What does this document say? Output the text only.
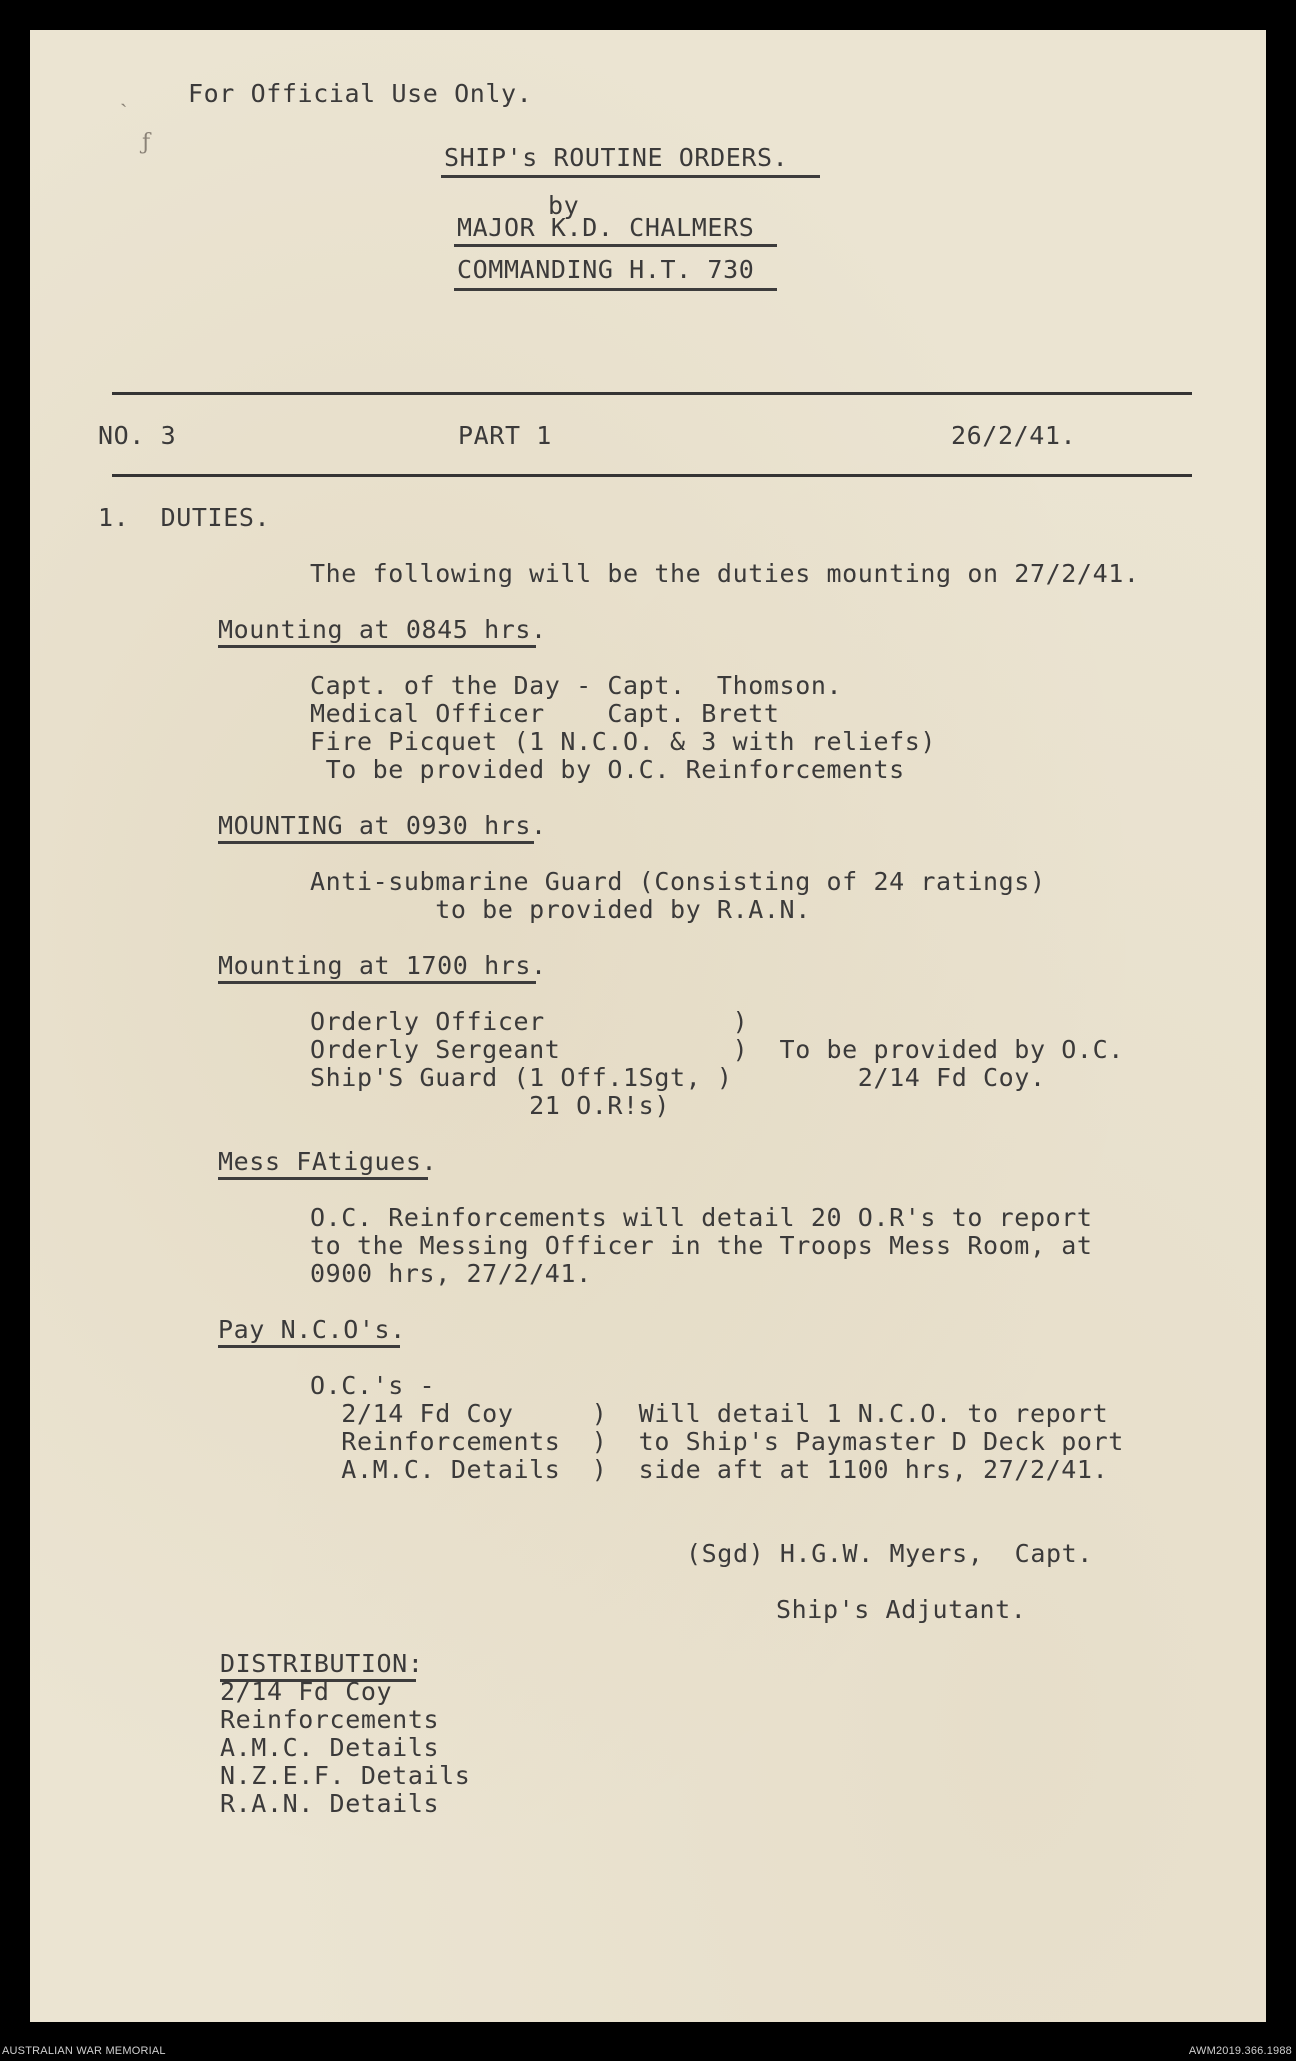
ˏ
ƒ
For Official Use Only.
SHIP's ROUTINE ORDERS.
by
MAJOR K.D. CHALMERS
COMMANDING H.T. 730
NO. 3	PART 1	26/2/41.
1.  DUTIES.
The following will be the duties mounting on 27/2/41.
Mounting at 0845 hrs.
Capt. of the Day - Capt.  Thomson.
Medical Officer    Capt. Brett
Fire Picquet (1 N.C.O. & 3 with reliefs)
To be provided by O.C. Reinforcements
MOUNTING at 0930 hrs.
Anti-submarine Guard (Consisting of 24 ratings)
to be provided by R.A.N.
Mounting at 1700 hrs.
Orderly Officer            )
Orderly Sergeant           )  To be provided by O.C.
Ship'S Guard (1 Off.1Sgt, )        2/14 Fd Coy.
21 O.R!s)
Mess FAtigues.
O.C. Reinforcements will detail 20 O.R's to report
to the Messing Officer in the Troops Mess Room, at
0900 hrs, 27/2/41.
Pay N.C.O's.
O.C.'s -
2/14 Fd Coy     )  Will detail 1 N.C.O. to report
Reinforcements  )  to Ship's Paymaster D Deck port
A.M.C. Details  )  side aft at 1100 hrs, 27/2/41.
(Sgd) H.G.W. Myers,  Capt.
Ship's Adjutant.
DISTRIBUTION:
2/14 Fd Coy
Reinforcements
A.M.C. Details
N.Z.E.F. Details
R.A.N. Details
AUSTRALIAN WAR MEMORIAL	AWM2019.366.1988
